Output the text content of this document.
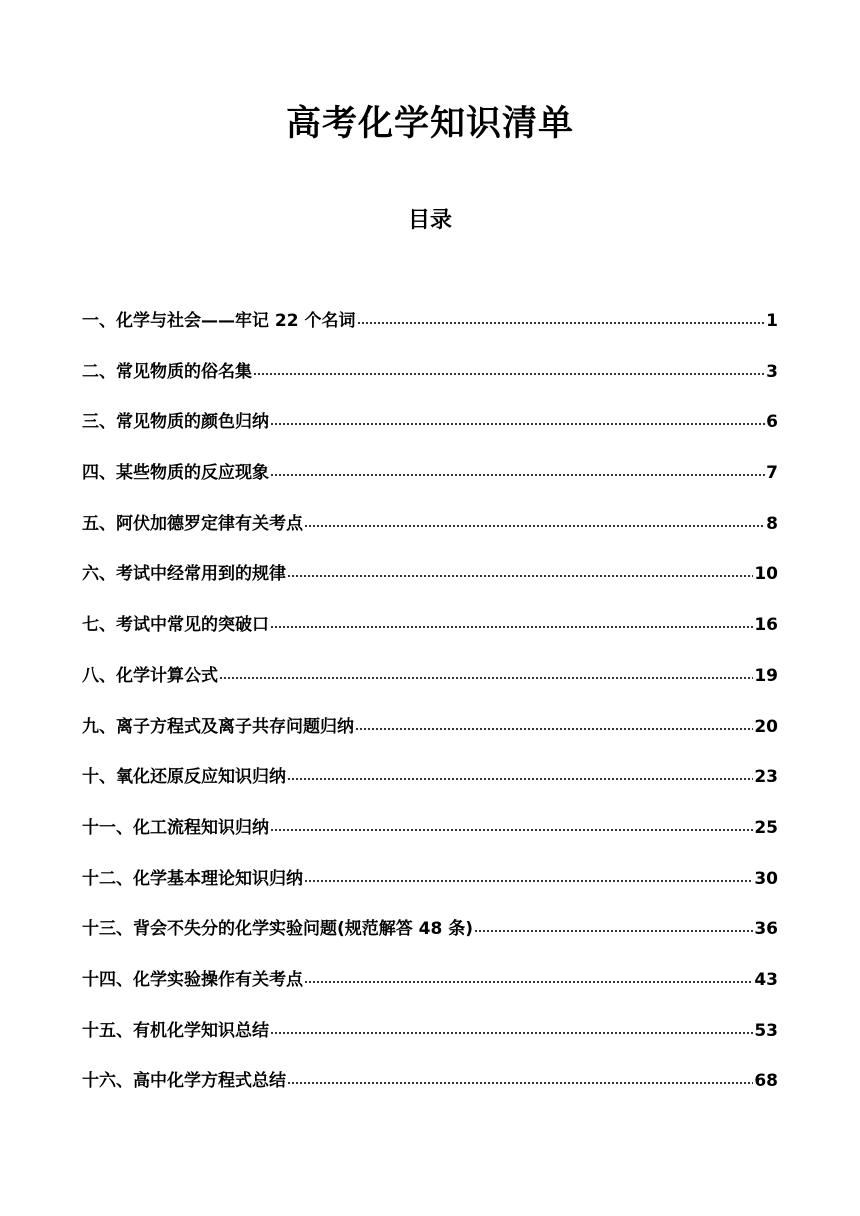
高考化学知识清单
目录
一、化学与社会——牢记 22 个名词	1
二、常见物质的俗名集	3
三、常见物质的颜色归纳	6
四、某些物质的反应现象	7
五、阿伏加德罗定律有关考点	8
六、考试中经常用到的规律	10
七、考试中常见的突破口	16
八、化学计算公式	19
九、离子方程式及离子共存问题归纳	20
十、氧化还原反应知识归纳	23
十一、化工流程知识归纳	25
十二、化学基本理论知识归纳	30
十三、背会不失分的化学实验问题(规范解答 48 条)	36
十四、化学实验操作有关考点	43
十五、有机化学知识总结	53
十六、高中化学方程式总结	68
